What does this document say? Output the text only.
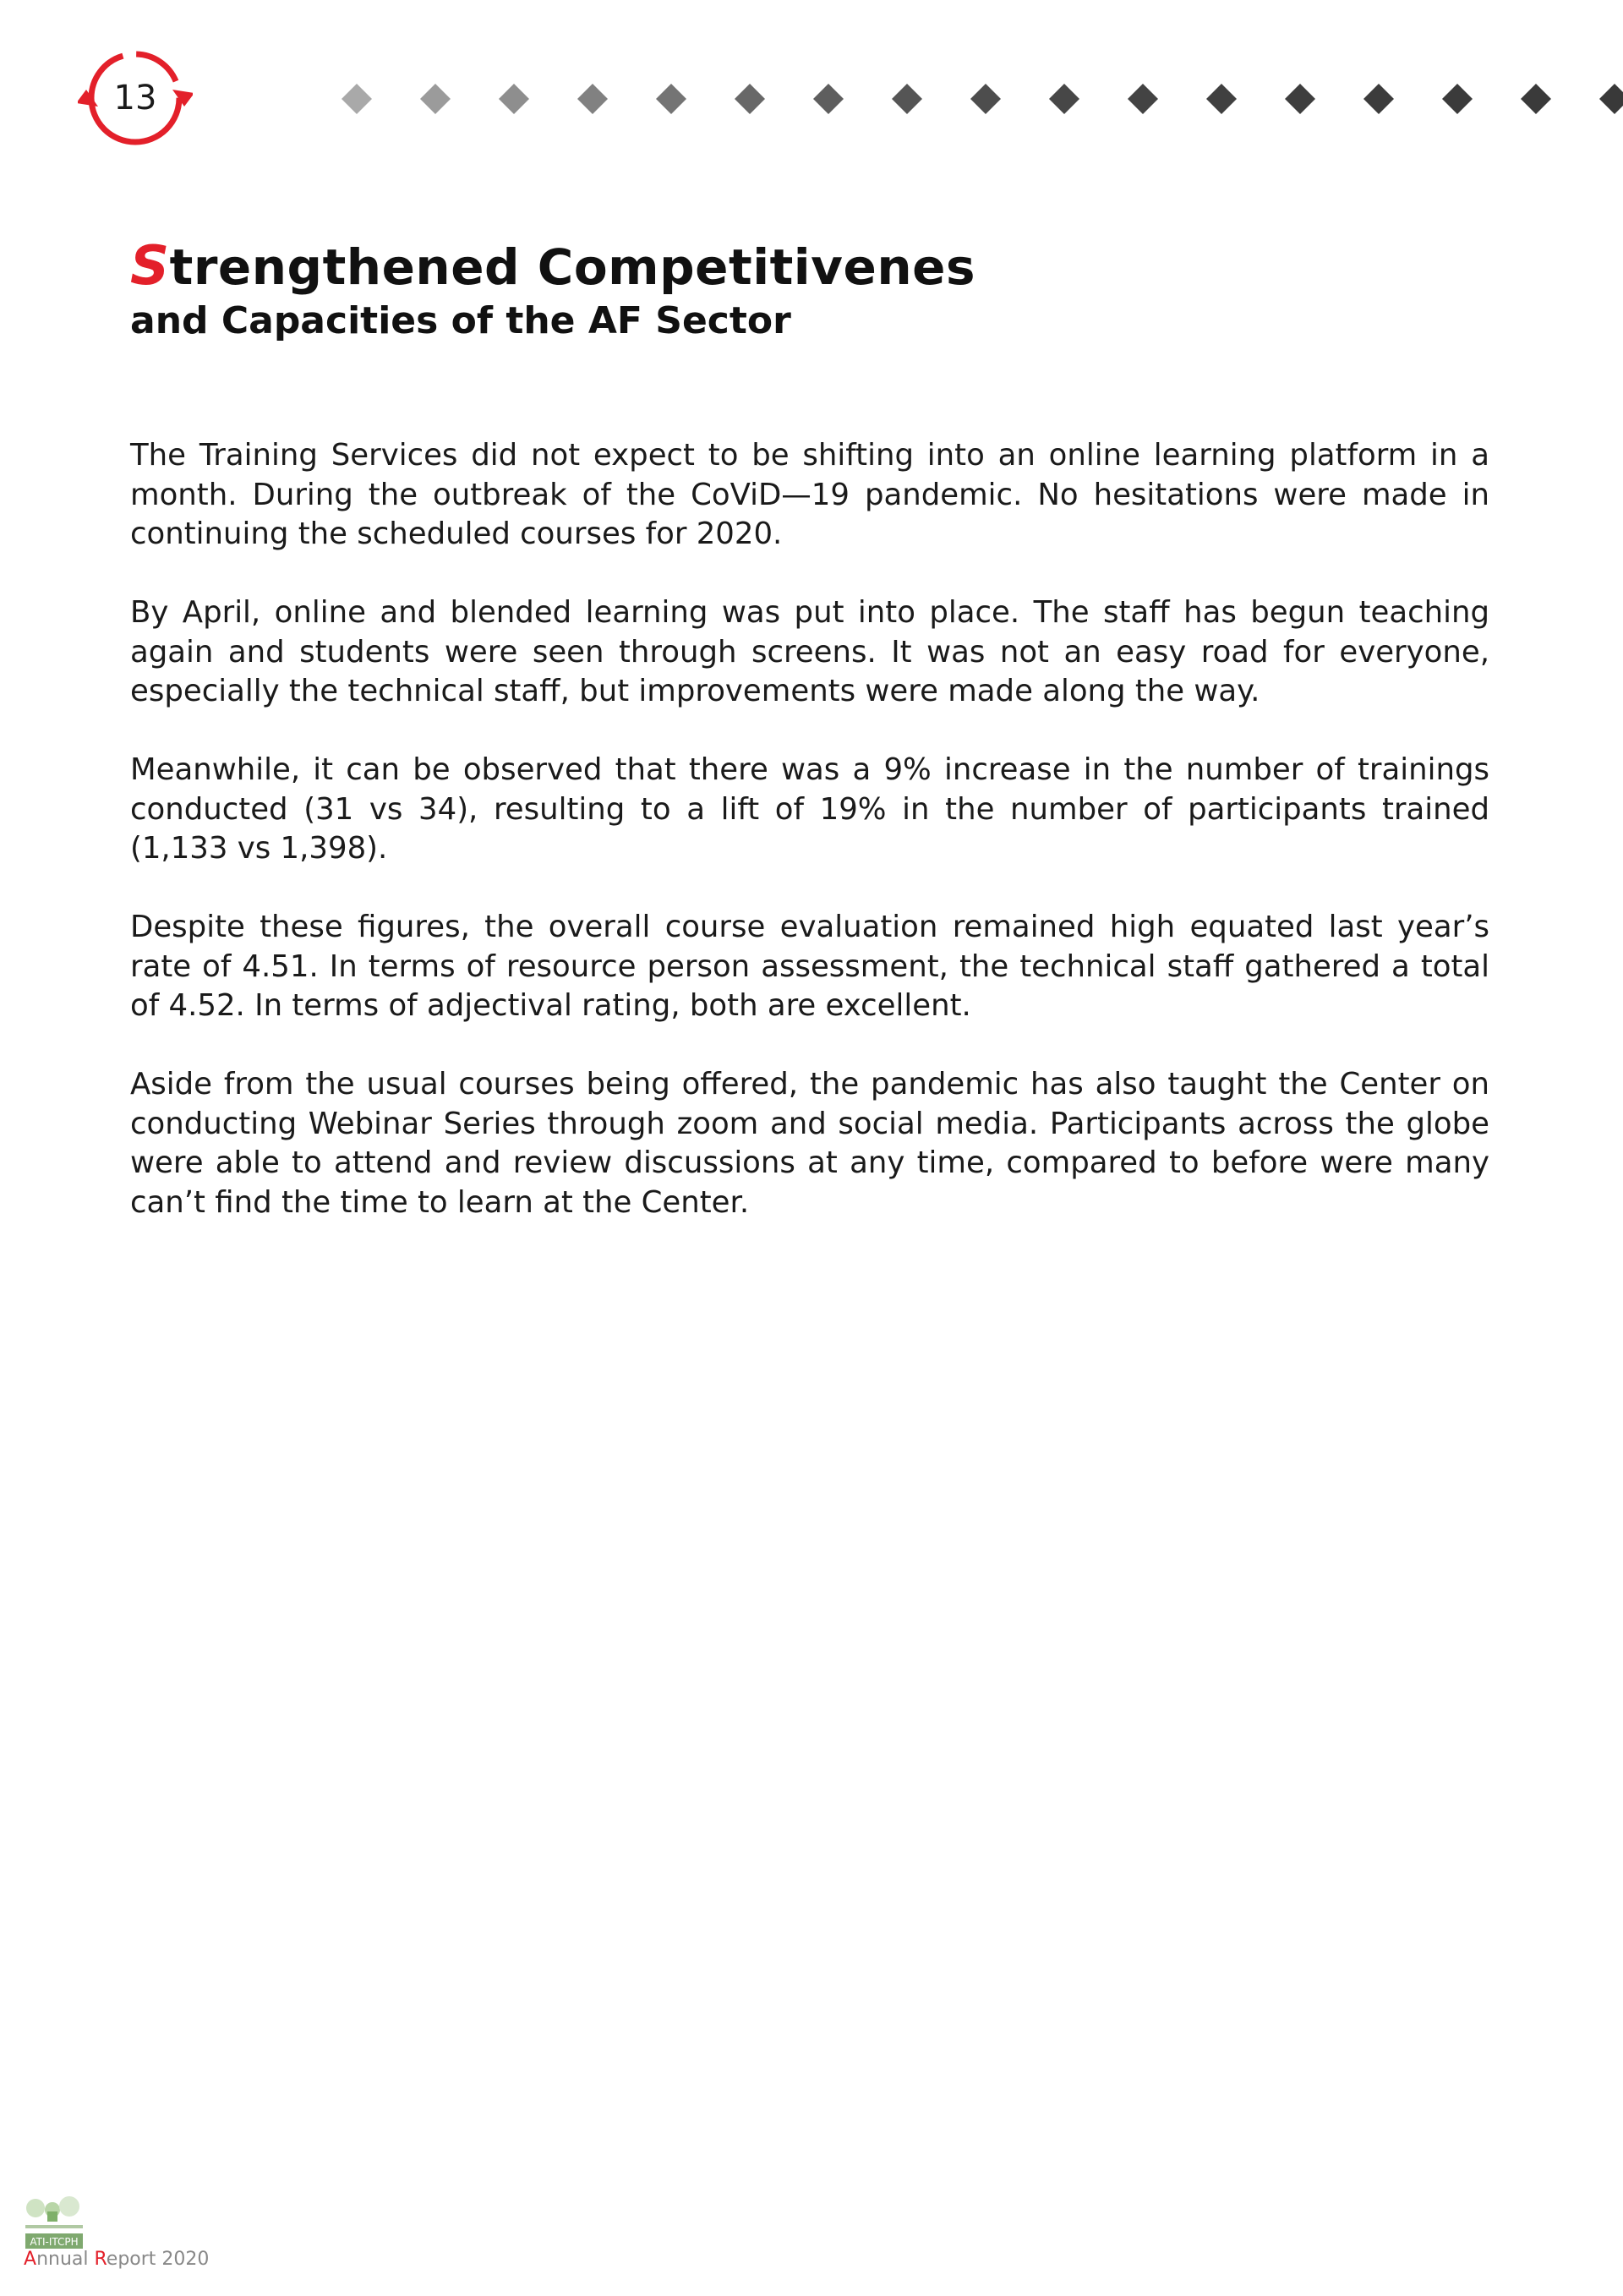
13
Strengthened Competitivenes
and Capacities of the AF Sector

The Training Services did not expect to be shifting into an online learning platform in a month. During the outbreak of the CoViD—19 pandemic. No hesitations were made in continuing the scheduled courses for 2020.

By April, online and blended learning was put into place. The staff has begun teaching again and students were seen through screens. It was not an easy road for everyone, especially the technical staff, but improvements were made along the way.

Meanwhile, it can be observed that there was a 9% increase in the number of trainings conducted (31 vs 34), resulting to a lift of 19% in the number of participants trained (1,133 vs 1,398).

Despite these figures, the overall course evaluation remained high equated last year’s rate of 4.51. In terms of resource person assessment, the technical staff gathered a total of 4.52. In terms of adjectival rating, both are excellent.

Aside from the usual courses being offered, the pandemic has also taught the Center on conducting Webinar Series through zoom and social media. Participants across the globe were able to attend and review discussions at any time, compared to before were many can’t find the time to learn at the Center.

ATI-ITCPH
Annual Report 2020
